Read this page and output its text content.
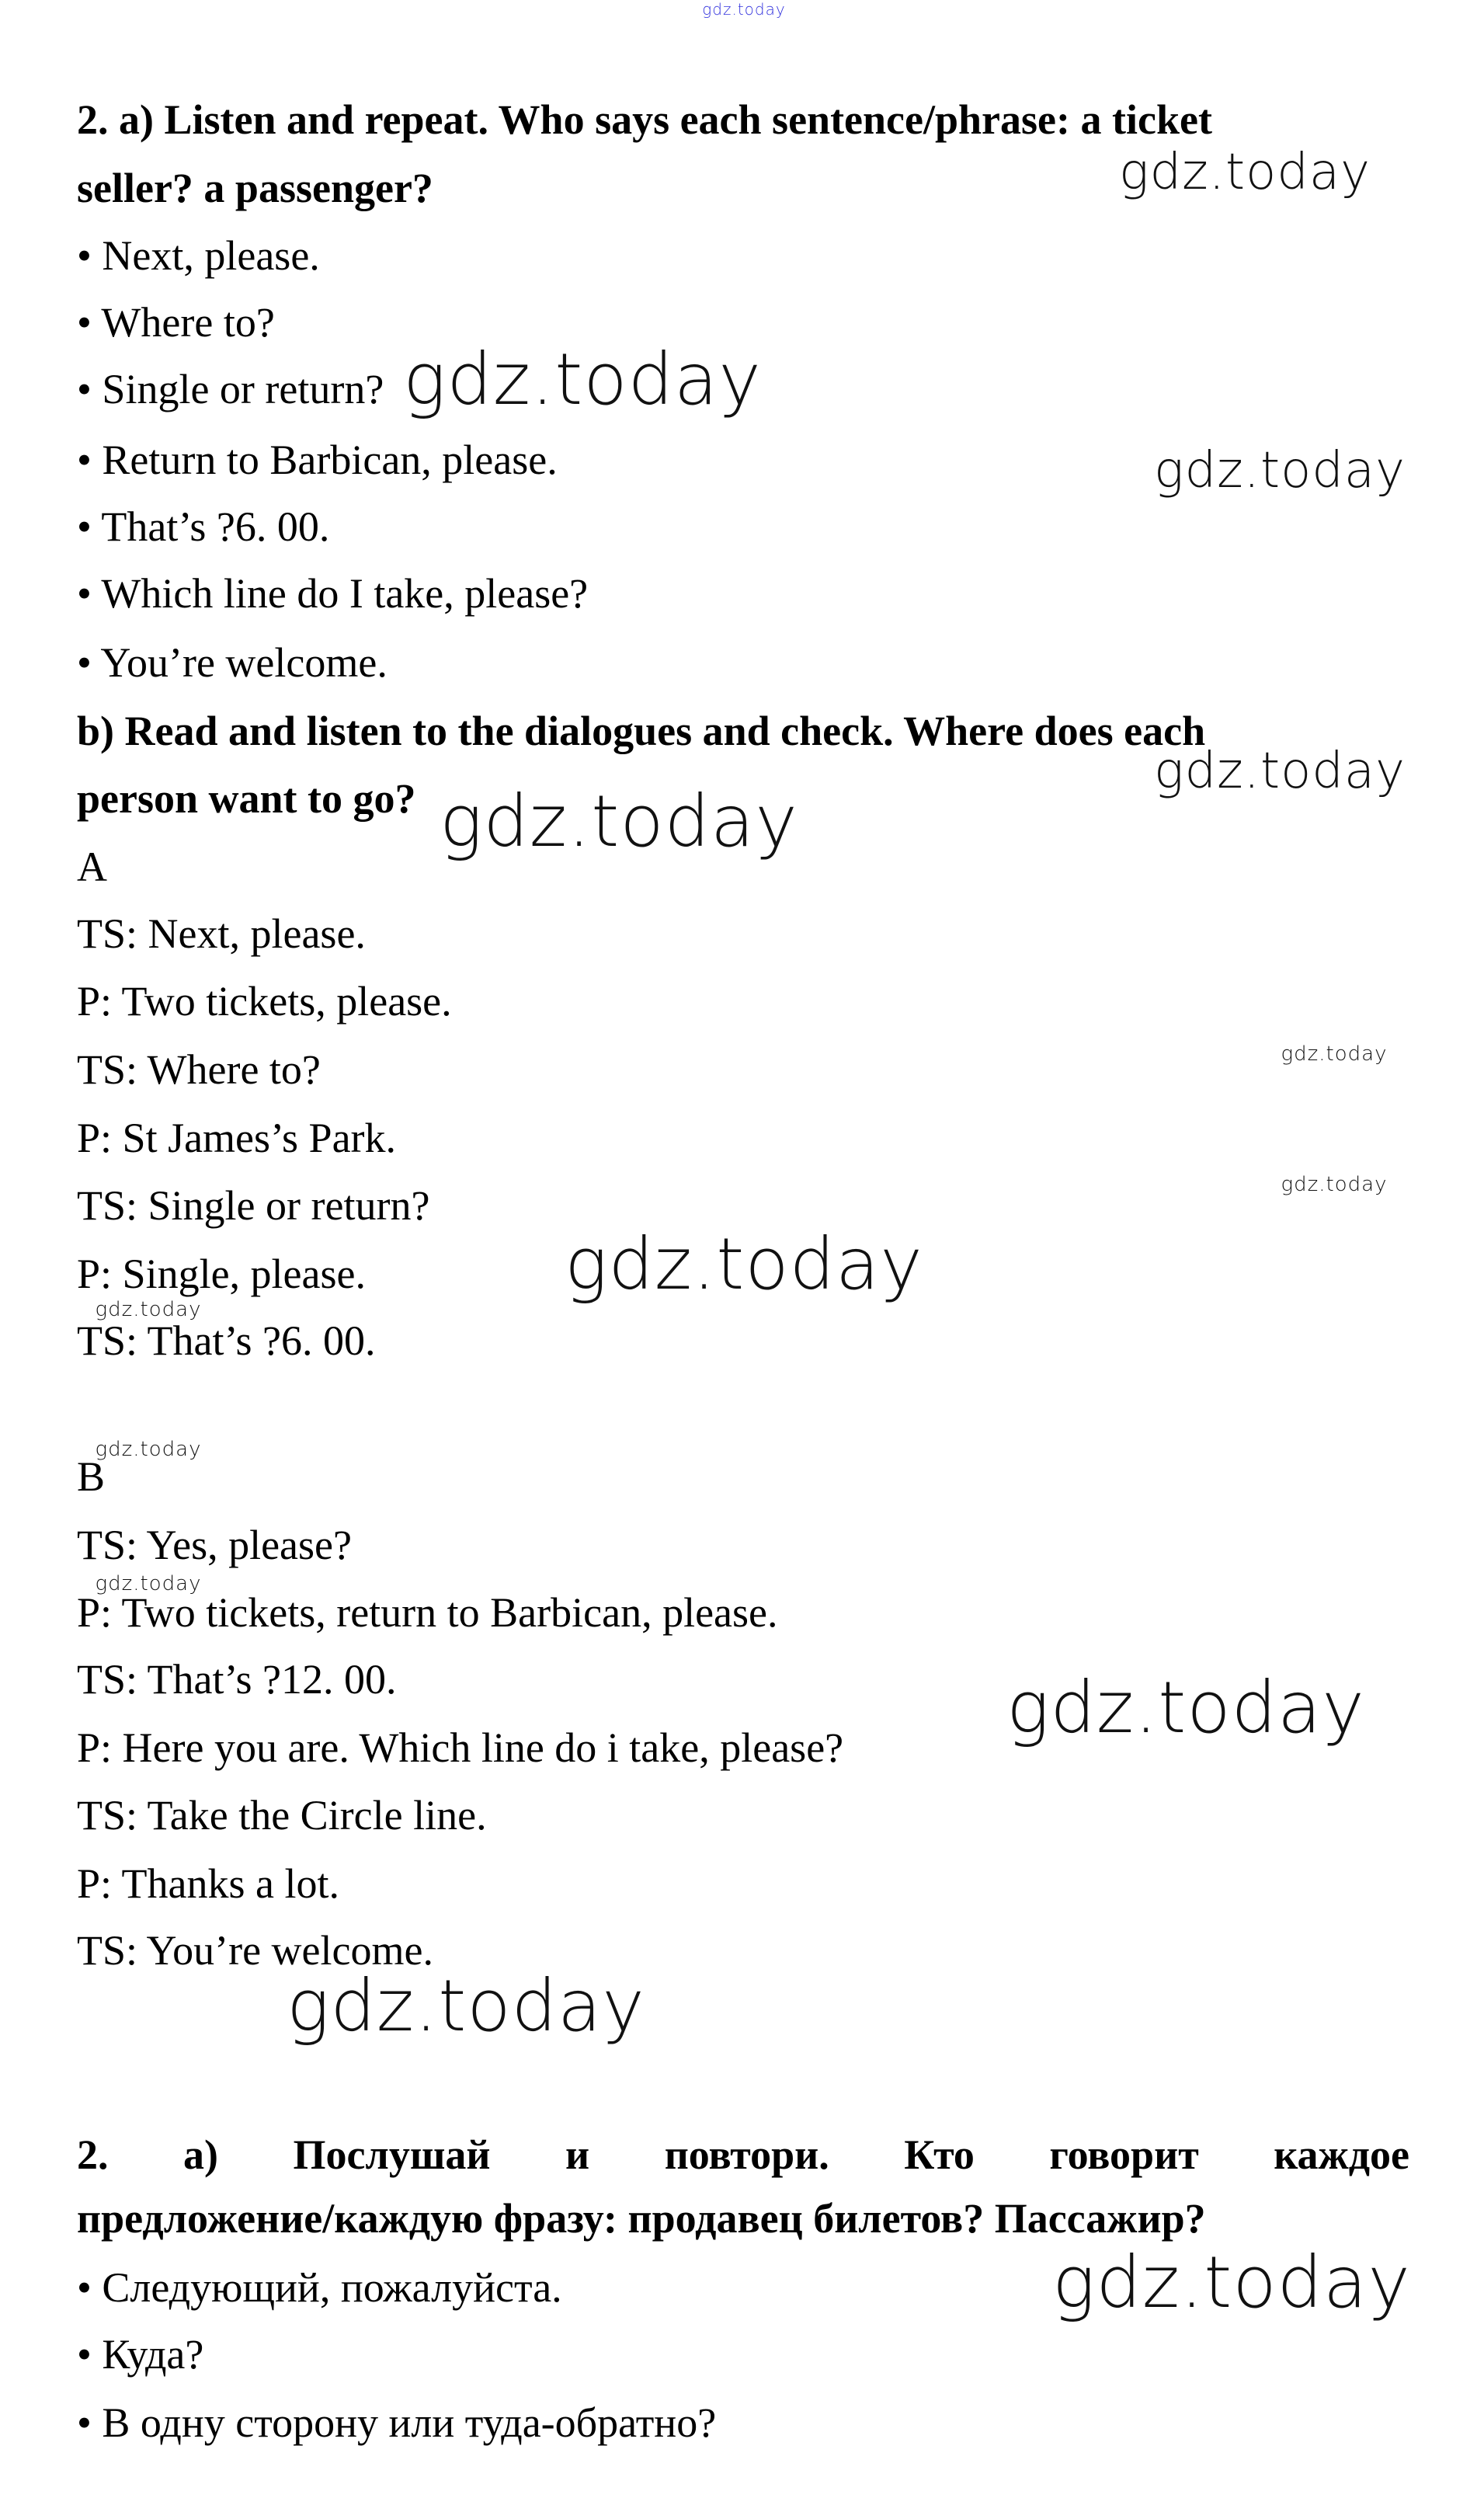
gdz.today
2. a) Listen and repeat. Who says each sentence/phrase: a ticket
seller? a passenger?
• Next, please.
• Where to?
• Single or return?
• Return to Barbican, please.
• That’s ?6. 00.
• Which line do I take, please?
• You’re welcome.
b) Read and listen to the dialogues and check. Where does each
person want to go?
A
TS: Next, please.
P: Two tickets, please.
TS: Where to?
P: St James’s Park.
TS: Single or return?
P: Single, please.
TS: That’s ?6. 00.
B
TS: Yes, please?
P: Two tickets, return to Barbican, please.
TS: That’s ?12. 00.
P: Here you are. Which line do i take, please?
TS: Take the Circle line.
P: Thanks a lot.
TS: You’re welcome.
2. а) Послушай и повтори. Кто говорит каждое
предложение/каждую фразу: продавец билетов? Пассажир?
• Следующий, пожалуйста.
• Куда?
• В одну сторону или туда-обратно?
gdz.today
gdz.today
gdz.today
gdz.today
gdz.today
gdz.today
gdz.today
gdz.today
gdz.today
gdz.today
gdz.today
gdz.today
gdz.today
gdz.today
